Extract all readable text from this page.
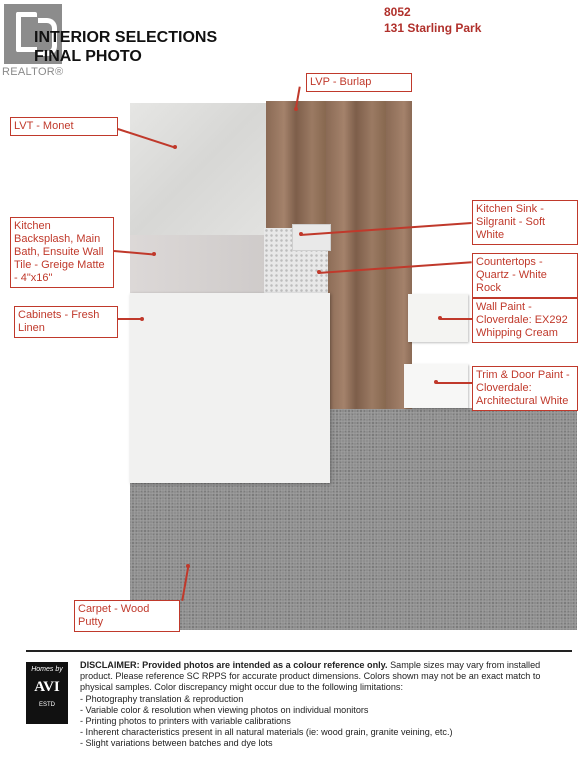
REALTOR®
INTERIOR SELECTIONS
FINAL PHOTO
8052
131 Starling Park
LVP - Burlap
LVT - Monet
Kitchen Backsplash, Main Bath, Ensuite Wall Tile - Greige Matte - 4"x16"
Cabinets - Fresh Linen
Kitchen Sink - Silgranit - Soft White
Countertops - Quartz - White Rock
Wall Paint - Cloverdale: EX292 Whipping Cream
Trim & Door Paint - Cloverdale: Architectural White
Carpet - Wood Putty
Homes by
AVI
ESTD
DISCLAIMER: Provided photos are intended as a colour reference only. Sample sizes may vary from installed product. Please reference SC RPPS for accurate product dimensions. Colors shown may not be an exact match to physical samples. Color discrepancy might occur due to the following limitations:
- Photography translation & reproduction
- Variable color & resolution when viewing photos on individual monitors
- Printing photos to printers with variable calibrations
- Inherent characteristics present in all natural materials (ie: wood grain, granite veining, etc.)
- Slight variations between batches and dye lots
